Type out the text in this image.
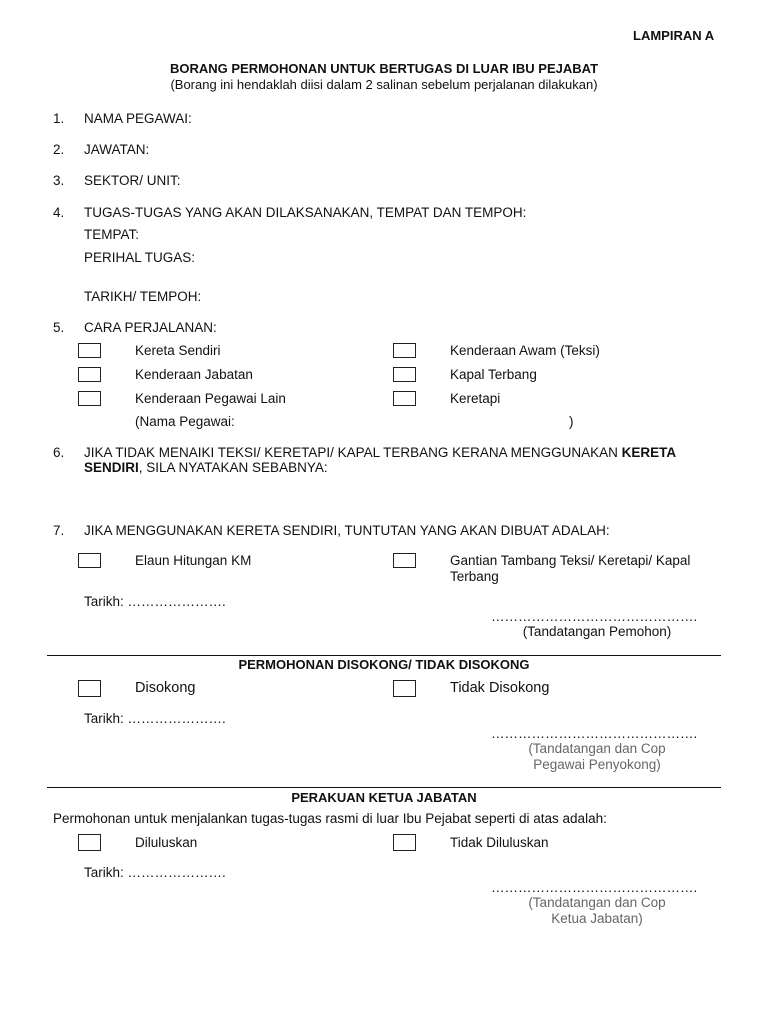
LAMPIRAN A
BORANG PERMOHONAN UNTUK BERTUGAS DI LUAR IBU PEJABAT
(Borang ini hendaklah diisi dalam 2 salinan sebelum perjalanan dilakukan)
1. NAMA PEGAWAI:
2. JAWATAN:
3. SEKTOR/ UNIT:
4. TUGAS-TUGAS YANG AKAN DILAKSANAKAN, TEMPAT DAN TEMPOH:
TEMPAT:
PERIHAL TUGAS:
TARIKH/ TEMPOH:
5. CARA PERJALANAN:
Kereta Sendiri	Kenderaan Awam (Teksi)
Kenderaan Jabatan	Kapal Terbang
Kenderaan Pegawai Lain	Keretapi
(Nama Pegawai:	)
6. JIKA TIDAK MENAIKI TEKSI/ KERETAPI/ KAPAL TERBANG KERANA MENGGUNAKAN KERETA
SENDIRI, SILA NYATAKAN SEBABNYA:
7. JIKA MENGGUNAKAN KERETA SENDIRI, TUNTUTAN YANG AKAN DIBUAT ADALAH:
Elaun Hitungan KM	Gantian Tambang Teksi/ Keretapi/ Kapal
Terbang
Tarikh: ………………….
……………………………………….
(Tandatangan Pemohon)
PERMOHONAN DISOKONG/ TIDAK DISOKONG
Disokong	Tidak Disokong
Tarikh: ………………….
……………………………………….
(Tandatangan dan Cop
Pegawai Penyokong)
PERAKUAN KETUA JABATAN
Permohonan untuk menjalankan tugas-tugas rasmi di luar Ibu Pejabat seperti di atas adalah:
Diluluskan	Tidak Diluluskan
Tarikh: ………………….
……………………………………….
(Tandatangan dan Cop
Ketua Jabatan)
